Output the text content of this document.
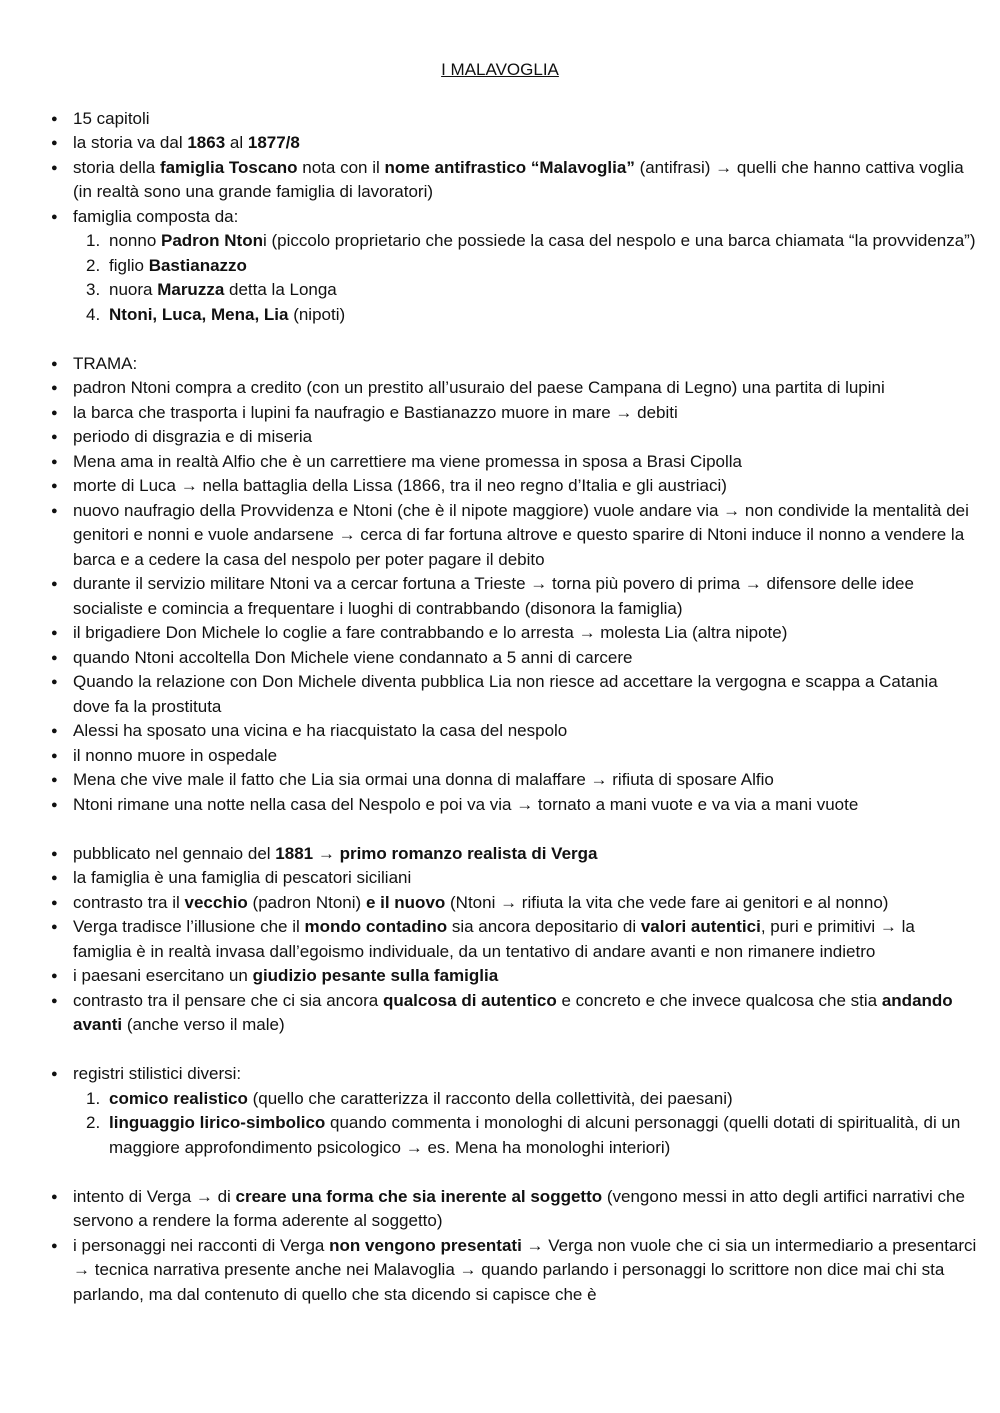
I MALAVOGLIA
● 15 capitoli
● la storia va dal 1863 al 1877/8
● storia della famiglia Toscano nota con il nome antifrastico “Malavoglia” (antifrasi) → quelli che hanno cattiva voglia (in realtà sono una grande famiglia di lavoratori)
● famiglia composta da:
1. nonno Padron Ntoni (piccolo proprietario che possiede la casa del nespolo e una barca chiamata “la provvidenza”)
2. figlio Bastianazzo
3. nuora Maruzza detta la Longa
4. Ntoni, Luca, Mena, Lia (nipoti)
● TRAMA:
● padron Ntoni compra a credito (con un prestito all’usuraio del paese Campana di Legno) una partita di lupini
● la barca che trasporta i lupini fa naufragio e Bastianazzo muore in mare → debiti
● periodo di disgrazia e di miseria
● Mena ama in realtà Alfio che è un carrettiere ma viene promessa in sposa a Brasi Cipolla
● morte di Luca → nella battaglia della Lissa (1866, tra il neo regno d’Italia e gli austriaci)
● nuovo naufragio della Provvidenza e Ntoni (che è il nipote maggiore) vuole andare via → non condivide la mentalità dei genitori e nonni e vuole andarsene → cerca di far fortuna altrove e questo sparire di Ntoni induce il nonno a vendere la barca e a cedere la casa del nespolo per poter pagare il debito
● durante il servizio militare Ntoni va a cercar fortuna a Trieste → torna più povero di prima → difensore delle idee socialiste e comincia a frequentare i luoghi di contrabbando (disonora la famiglia)
● il brigadiere Don Michele lo coglie a fare contrabbando e lo arresta → molesta Lia (altra nipote)
● quando Ntoni accoltella Don Michele viene condannato a 5 anni di carcere
● Quando la relazione con Don Michele diventa pubblica Lia non riesce ad accettare la vergogna e scappa a Catania dove fa la prostituta
● Alessi ha sposato una vicina e ha riacquistato la casa del nespolo
● il nonno muore in ospedale
● Mena che vive male il fatto che Lia sia ormai una donna di malaffare → rifiuta di sposare Alfio
● Ntoni rimane una notte nella casa del Nespolo e poi va via → tornato a mani vuote e va via a mani vuote
● pubblicato nel gennaio del 1881 → primo romanzo realista di Verga
● la famiglia è una famiglia di pescatori siciliani
● contrasto tra il vecchio (padron Ntoni) e il nuovo (Ntoni → rifiuta la vita che vede fare ai genitori e al nonno)
● Verga tradisce l’illusione che il mondo contadino sia ancora depositario di valori autentici, puri e primitivi → la famiglia è in realtà invasa dall’egoismo individuale, da un tentativo di andare avanti e non rimanere indietro
● i paesani esercitano un giudizio pesante sulla famiglia
● contrasto tra il pensare che ci sia ancora qualcosa di autentico e concreto e che invece qualcosa che stia andando avanti (anche verso il male)
● registri stilistici diversi:
1. comico realistico (quello che caratterizza il racconto della collettività, dei paesani)
2. linguaggio lirico-simbolico quando commenta i monologhi di alcuni personaggi (quelli dotati di spiritualità, di un maggiore approfondimento psicologico → es. Mena ha monologhi interiori)
● intento di Verga → di creare una forma che sia inerente al soggetto (vengono messi in atto degli artifici narrativi che servono a rendere la forma aderente al soggetto)
● i personaggi nei racconti di Verga non vengono presentati → Verga non vuole che ci sia un intermediario a presentarci → tecnica narrativa presente anche nei Malavoglia → quando parlando i personaggi lo scrittore non dice mai chi sta parlando, ma dal contenuto di quello che sta dicendo si capisce che è
